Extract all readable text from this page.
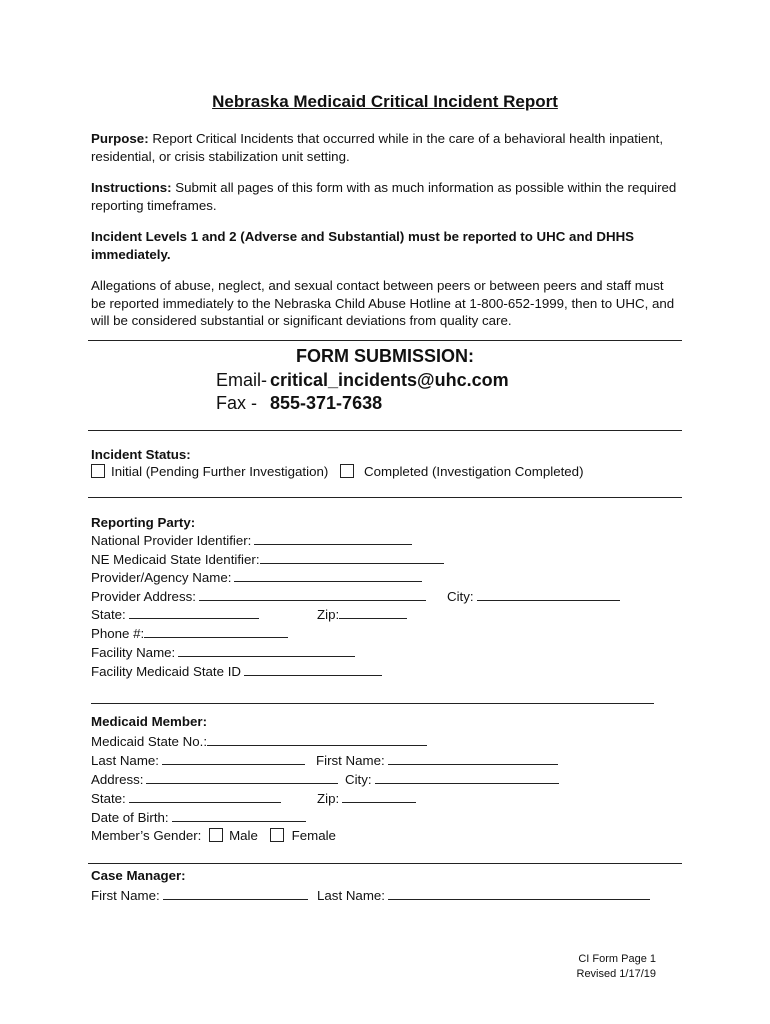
Nebraska Medicaid Critical Incident Report
Purpose: Report Critical Incidents that occurred while in the care of a behavioral health inpatient, residential, or crisis stabilization unit setting.
Instructions: Submit all pages of this form with as much information as possible within the required reporting timeframes.
Incident Levels 1 and 2 (Adverse and Substantial) must be reported to UHC and DHHS immediately.
Allegations of abuse, neglect, and sexual contact between peers or between peers and staff must be reported immediately to the Nebraska Child Abuse Hotline at 1-800-652-1999, then to UHC, and will be considered substantial or significant deviations from quality care.
FORM SUBMISSION:
Email- critical_incidents@uhc.com
Fax - 855-371-7638
Incident Status:
Initial (Pending Further Investigation)	Completed (Investigation Completed)
Reporting Party:
National Provider Identifier:
NE Medicaid State Identifier:
Provider/Agency Name:
Provider Address:	City:
State:	Zip:
Phone #:
Facility Name:
Facility Medicaid State ID
Medicaid Member:
Medicaid State No.:
Last Name:	First Name:
Address:	City:
State:	Zip:
Date of Birth:
Member’s Gender: Male	Female
Case Manager:
First Name:	Last Name:
CI Form Page 1
Revised 1/17/19
